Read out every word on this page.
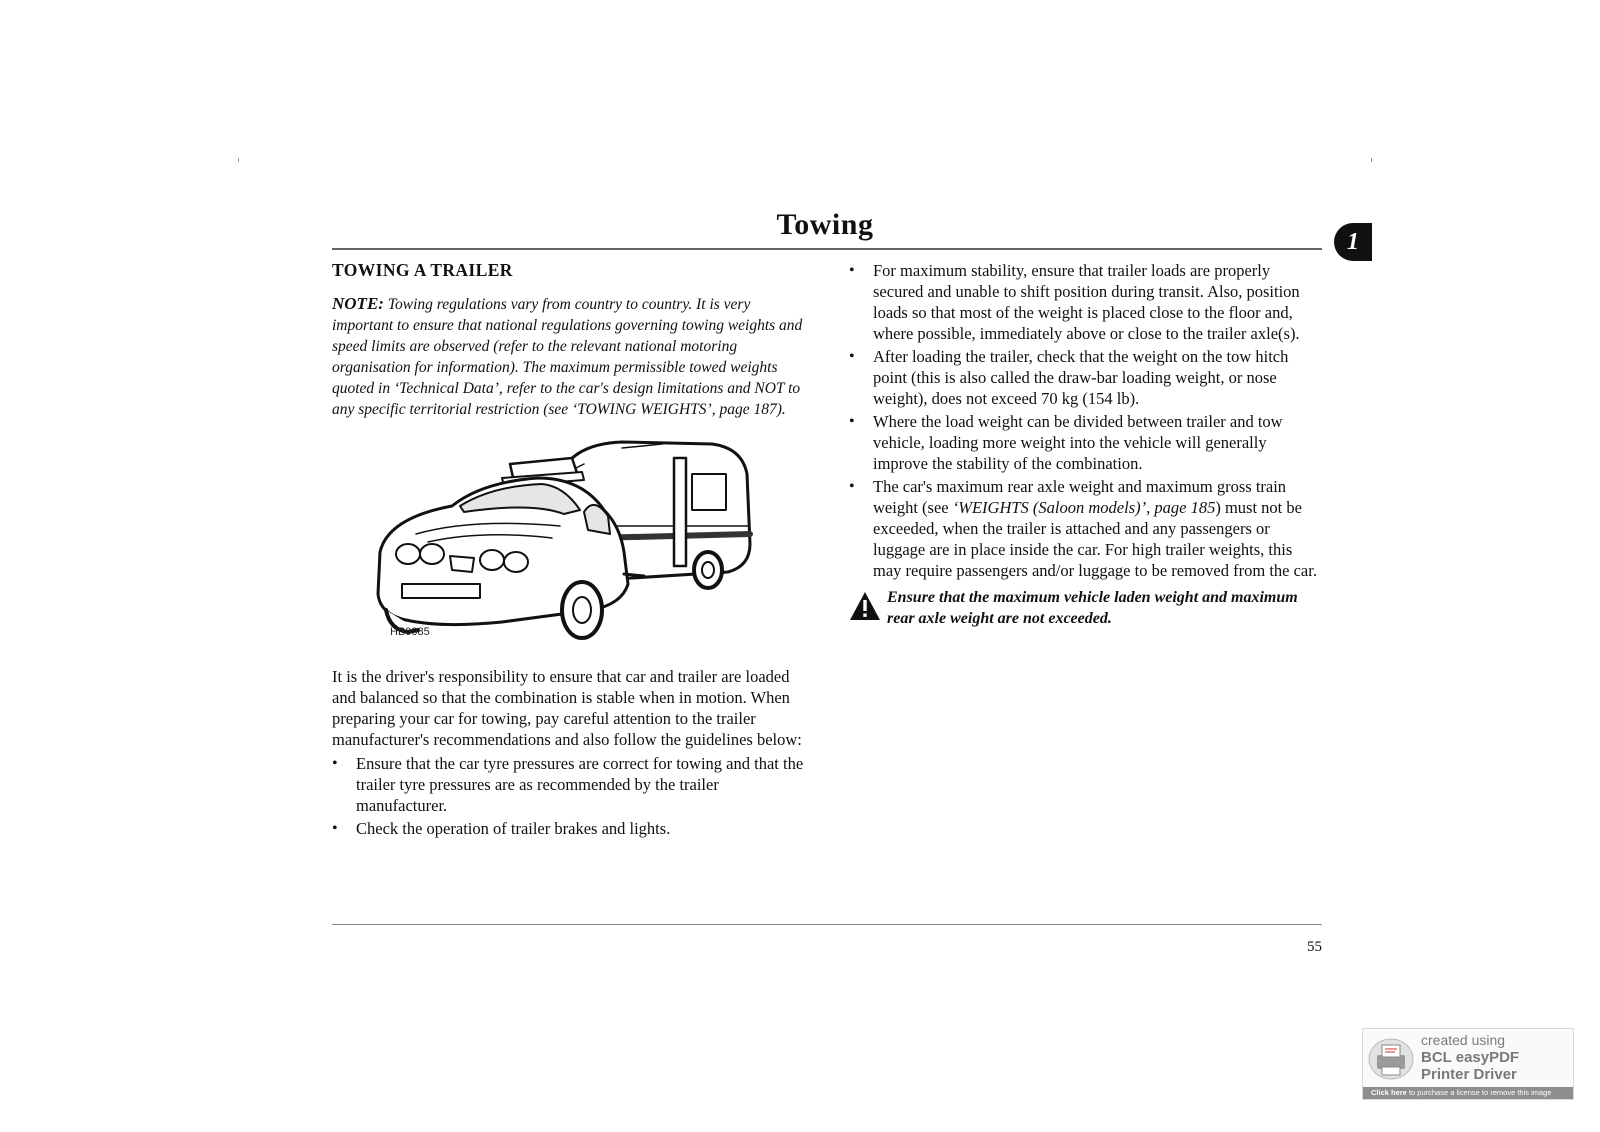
Towing
1
TOWING A TRAILER

NOTE: Towing regulations vary from country to country. It is very important to ensure that national regulations governing towing weights and speed limits are observed (refer to the relevant national motoring organisation for information). The maximum permissible towed weights quoted in ‘Technical Data’, refer to the car's design limitations and NOT to any specific territorial restriction (see ‘TOWING WEIGHTS’, page 187).

HB0085

It is the driver's responsibility to ensure that car and trailer are loaded and balanced so that the combination is stable when in motion. When preparing your car for towing, pay careful attention to the trailer manufacturer's recommendations and also follow the guidelines below:

• Ensure that the car tyre pressures are correct for towing and that the trailer tyre pressures are as recommended by the trailer manufacturer.
• Check the operation of trailer brakes and lights.
• For maximum stability, ensure that trailer loads are properly secured and unable to shift position during transit. Also, position loads so that most of the weight is placed close to the floor and, where possible, immediately above or close to the trailer axle(s).
• After loading the trailer, check that the weight on the tow hitch point (this is also called the draw-bar loading weight, or nose weight), does not exceed 70 kg (154 lb).
• Where the load weight can be divided between trailer and tow vehicle, loading more weight into the vehicle will generally improve the stability of the combination.
• The car's maximum rear axle weight and maximum gross train weight (see ‘WEIGHTS (Saloon models)’, page 185) must not be exceeded, when the trailer is attached and any passengers or luggage are in place inside the car. For high trailer weights, this may require passengers and/or luggage to be removed from the car.

Ensure that the maximum vehicle laden weight and maximum rear axle weight are not exceeded.

55
created using
BCL easyPDF
Printer Driver
Click here to purchase a license to remove this image
